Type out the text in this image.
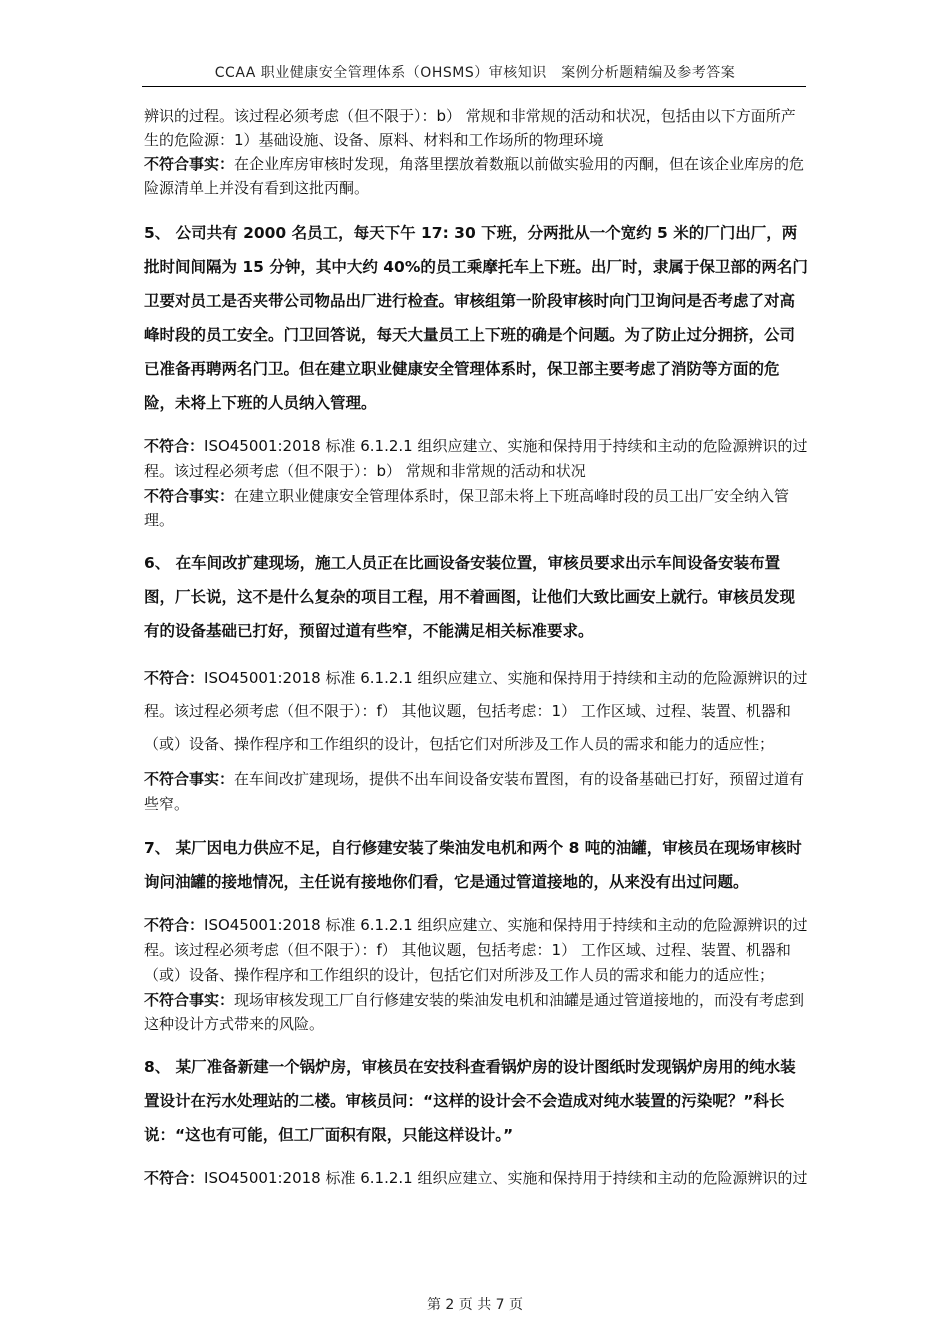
CCAA 职业健康安全管理体系（OHSMS）审核知识　案例分析题精编及参考答案

辨识的过程。该过程必须考虑（但不限于）：b） 常规和非常规的活动和状况，包括由以下方面所产生的危险源：1）基础设施、设备、原料、材料和工作场所的物理环境

不符合事实：在企业库房审核时发现，角落里摆放着数瓶以前做实验用的丙酮，但在该企业库房的危险源清单上并没有看到这批丙酮。

5、 公司共有 2000 名员工，每天下午 17: 30 下班，分两批从一个宽约 5 米的厂门出厂，两批时间间隔为 15 分钟，其中大约 40%的员工乘摩托车上下班。出厂时，隶属于保卫部的两名门卫要对员工是否夹带公司物品出厂进行检查。审核组第一阶段审核时向门卫询问是否考虑了对高峰时段的员工安全。门卫回答说，每天大量员工上下班的确是个问题。为了防止过分拥挤，公司已准备再聘两名门卫。但在建立职业健康安全管理体系时，保卫部主要考虑了消防等方面的危险，未将上下班的人员纳入管理。

不符合：ISO45001:2018 标准 6.1.2.1 组织应建立、实施和保持用于持续和主动的危险源辨识的过程。该过程必须考虑（但不限于）：b） 常规和非常规的活动和状况

不符合事实：在建立职业健康安全管理体系时，保卫部未将上下班高峰时段的员工出厂安全纳入管理。

6、 在车间改扩建现场，施工人员正在比画设备安装位置，审核员要求出示车间设备安装布置图，厂长说，这不是什么复杂的项目工程，用不着画图，让他们大致比画安上就行。审核员发现有的设备基础已打好，预留过道有些窄，不能满足相关标准要求。

不符合：ISO45001:2018 标准 6.1.2.1 组织应建立、实施和保持用于持续和主动的危险源辨识的过程。该过程必须考虑（但不限于）：f） 其他议题，包括考虑：1） 工作区域、过程、装置、机器和（或）设备、操作程序和工作组织的设计，包括它们对所涉及工作人员的需求和能力的适应性；

不符合事实：在车间改扩建现场，提供不出车间设备安装布置图，有的设备基础已打好，预留过道有些窄。

7、 某厂因电力供应不足，自行修建安装了柴油发电机和两个 8 吨的油罐，审核员在现场审核时询问油罐的接地情况，主任说有接地你们看，它是通过管道接地的，从来没有出过问题。

不符合：ISO45001:2018 标准 6.1.2.1 组织应建立、实施和保持用于持续和主动的危险源辨识的过程。该过程必须考虑（但不限于）：f） 其他议题，包括考虑：1） 工作区域、过程、装置、机器和（或）设备、操作程序和工作组织的设计，包括它们对所涉及工作人员的需求和能力的适应性；

不符合事实：现场审核发现工厂自行修建安装的柴油发电机和油罐是通过管道接地的，而没有考虑到这种设计方式带来的风险。

8、 某厂准备新建一个锅炉房，审核员在安技科查看锅炉房的设计图纸时发现锅炉房用的纯水装置设计在污水处理站的二楼。审核员问：“这样的设计会不会造成对纯水装置的污染呢？”科长说：“这也有可能，但工厂面积有限，只能这样设计。”

不符合：ISO45001:2018 标准 6.1.2.1 组织应建立、实施和保持用于持续和主动的危险源辨识的过

第 2 页 共 7 页
